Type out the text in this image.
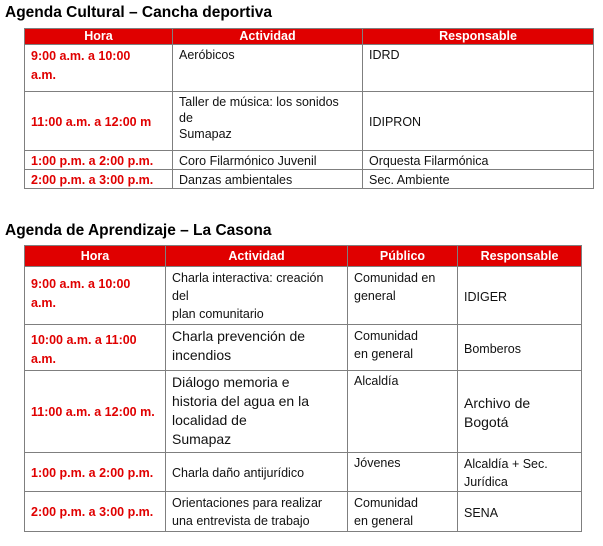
Agenda Cultural – Cancha deportiva
Hora	Actividad	Responsable

9:00 a.m. a 10:00
a.m.	Aeróbicos	IDRD

11:00 a.m. a 12:00 m	Taller de música: los sonidos
de
Sumapaz	IDIPRON

1:00 p.m. a 2:00 p.m.	Coro Filarmónico Juvenil	Orquesta Filarmónica

2:00 p.m. a 3:00 p.m.	Danzas ambientales	Sec. Ambiente
Agenda de Aprendizaje – La Casona
Hora	Actividad	Público	Responsable

9:00 a.m. a 10:00
a.m.	Charla interactiva: creación
del
plan comunitario	Comunidad en
general	IDIGER

10:00 a.m. a 11:00
a.m.	Charla prevención de
incendios	Comunidad
en general	Bomberos

11:00 a.m. a 12:00 m.	Diálogo memoria e
historia del agua en la
localidad de
Sumapaz	Alcaldía	Archivo de Bogotá

1:00 p.m. a 2:00 p.m.	Charla daño antijurídico	Jóvenes	Alcaldía + Sec.
Jurídica

2:00 p.m. a 3:00 p.m.	Orientaciones para realizar
una entrevista de trabajo	Comunidad
en general	SENA
